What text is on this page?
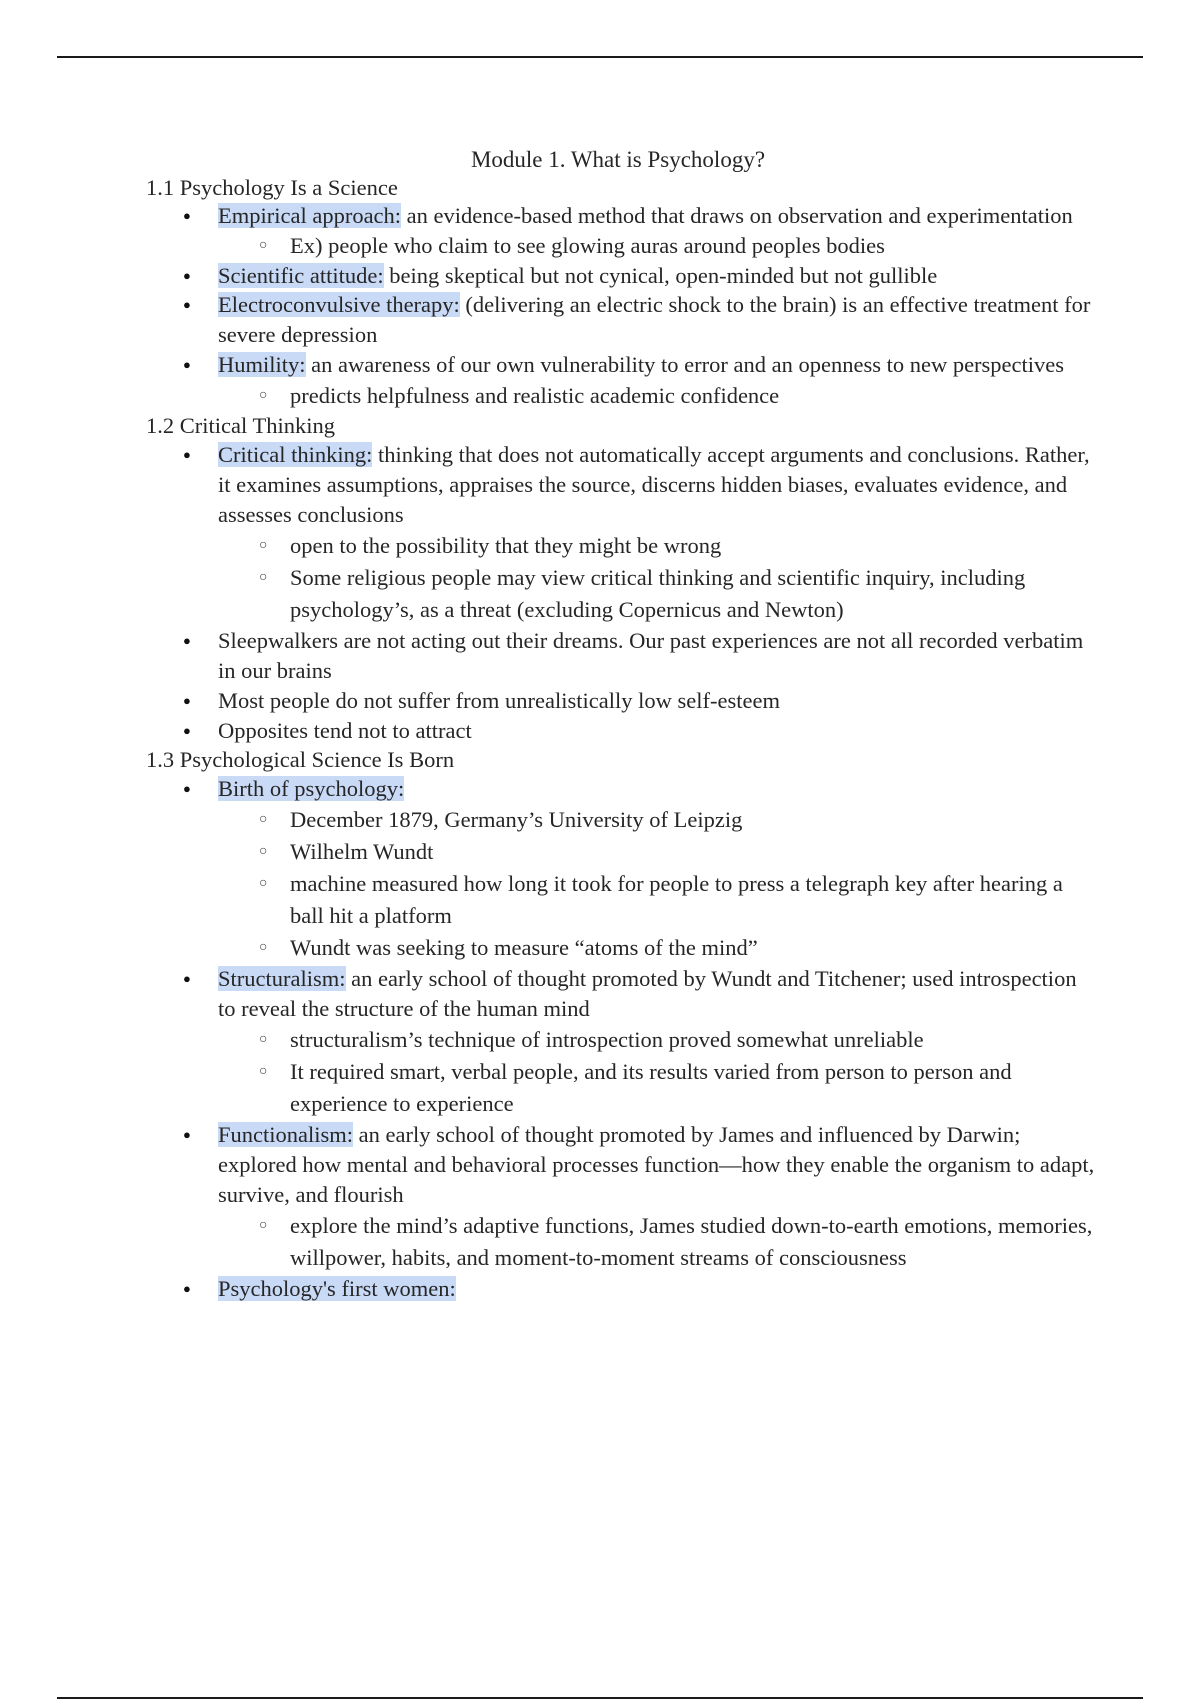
Module 1. What is Psychology?
1.1 Psychology Is a Science
● Empirical approach: an evidence-based method that draws on observation and experimentation
○ Ex) people who claim to see glowing auras around peoples bodies
● Scientific attitude: being skeptical but not cynical, open-minded but not gullible
● Electroconvulsive therapy: (delivering an electric shock to the brain) is an effective treatment for severe depression
● Humility: an awareness of our own vulnerability to error and an openness to new perspectives
○ predicts helpfulness and realistic academic confidence
1.2 Critical Thinking
● Critical thinking: thinking that does not automatically accept arguments and conclusions. Rather, it examines assumptions, appraises the source, discerns hidden biases, evaluates evidence, and assesses conclusions
○ open to the possibility that they might be wrong
○ Some religious people may view critical thinking and scientific inquiry, including psychology’s, as a threat (excluding Copernicus and Newton)
● Sleepwalkers are not acting out their dreams. Our past experiences are not all recorded verbatim in our brains
● Most people do not suffer from unrealistically low self-esteem
● Opposites tend not to attract
1.3 Psychological Science Is Born
● Birth of psychology:
○ December 1879, Germany’s University of Leipzig
○ Wilhelm Wundt
○ machine measured how long it took for people to press a telegraph key after hearing a ball hit a platform
○ Wundt was seeking to measure “atoms of the mind”
● Structuralism: an early school of thought promoted by Wundt and Titchener; used introspection to reveal the structure of the human mind
○ structuralism’s technique of introspection proved somewhat unreliable
○ It required smart, verbal people, and its results varied from person to person and experience to experience
● Functionalism: an early school of thought promoted by James and influenced by Darwin; explored how mental and behavioral processes function—how they enable the organism to adapt, survive, and flourish
○ explore the mind’s adaptive functions, James studied down-to-earth emotions, memories, willpower, habits, and moment-to-moment streams of consciousness
● Psychology's first women:
